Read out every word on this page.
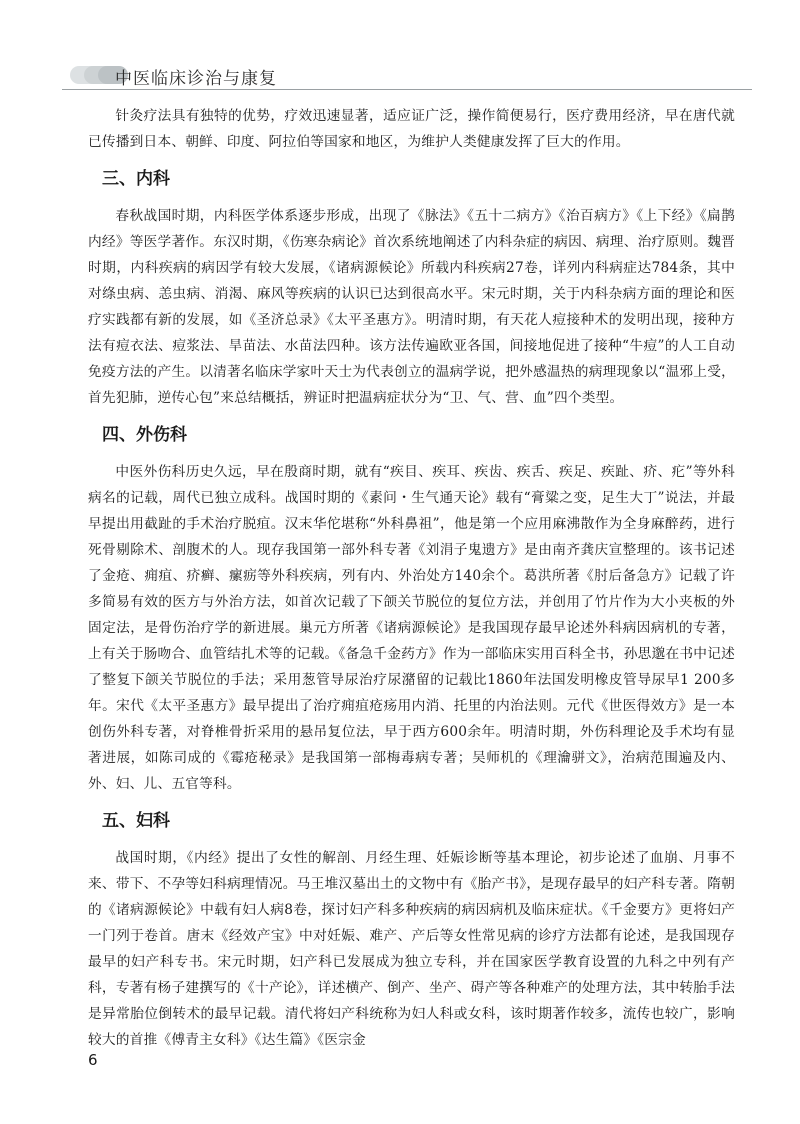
中医临床诊治与康复

针灸疗法具有独特的优势，疗效迅速显著，适应证广泛，操作简便易行，医疗费用经济，早在唐代就已传播到日本、朝鲜、印度、阿拉伯等国家和地区，为维护人类健康发挥了巨大的作用。

三、内科

春秋战国时期，内科医学体系逐步形成，出现了《脉法》《五十二病方》《治百病方》《上下经》《扁鹊内经》等医学著作。东汉时期，《伤寒杂病论》首次系统地阐述了内科杂症的病因、病理、治疗原则。魏晋时期，内科疾病的病因学有较大发展，《诸病源候论》所载内科疾病27卷，详列内科病症达784条，其中对绦虫病、恙虫病、消渴、麻风等疾病的认识已达到很高水平。宋元时期，关于内科杂病方面的理论和医疗实践都有新的发展，如《圣济总录》《太平圣惠方》。明清时期，有天花人痘接种术的发明出现，接种方法有痘衣法、痘浆法、旱苗法、水苗法四种。该方法传遍欧亚各国，间接地促进了接种“牛痘”的人工自动免疫方法的产生。以清著名临床学家叶天士为代表创立的温病学说，把外感温热的病理现象以“温邪上受，首先犯肺，逆传心包”来总结概括，辨证时把温病症状分为“卫、气、营、血”四个类型。

四、外伤科

中医外伤科历史久远，早在殷商时期，就有“疾目、疾耳、疾齿、疾舌、疾足、疾趾、疥、疕”等外科病名的记载，周代已独立成科。战国时期的《素问・生气通天论》载有“膏粱之变，足生大丁”说法，并最早提出用截趾的手术治疗脱疽。汉末华佗堪称“外科鼻祖”，他是第一个应用麻沸散作为全身麻醉药，进行死骨剔除术、剖腹术的人。现存我国第一部外科专著《刘涓子鬼遗方》是由南齐龚庆宣整理的。该书记述了金疮、痈疽、疥癣、瘰疬等外科疾病，列有内、外治处方140余个。葛洪所著《肘后备急方》记载了许多简易有效的医方与外治方法，如首次记载了下颌关节脱位的复位方法，并创用了竹片作为大小夹板的外固定法，是骨伤治疗学的新进展。巢元方所著《诸病源候论》是我国现存最早论述外科病因病机的专著，上有关于肠吻合、血管结扎术等的记载。《备急千金药方》作为一部临床实用百科全书，孙思邈在书中记述了整复下颌关节脱位的手法；采用葱管导尿治疗尿潴留的记载比1860年法国发明橡皮管导尿早1 200多年。宋代《太平圣惠方》最早提出了治疗痈疽疮疡用内消、托里的内治法则。元代《世医得效方》是一本创伤外科专著，对脊椎骨折采用的悬吊复位法，早于西方600余年。明清时期，外伤科理论及手术均有显著进展，如陈司成的《霉疮秘录》是我国第一部梅毒病专著；吴师机的《理瀹骈文》，治病范围遍及内、外、妇、儿、五官等科。

五、妇科

战国时期，《内经》提出了女性的解剖、月经生理、妊娠诊断等基本理论，初步论述了血崩、月事不来、带下、不孕等妇科病理情况。马王堆汉墓出土的文物中有《胎产书》，是现存最早的妇产科专著。隋朝的《诸病源候论》中载有妇人病8卷，探讨妇产科多种疾病的病因病机及临床症状。《千金要方》更将妇产一门列于卷首。唐末《经效产宝》中对妊娠、难产、产后等女性常见病的诊疗方法都有论述，是我国现存最早的妇产科专书。宋元时期，妇产科已发展成为独立专科，并在国家医学教育设置的九科之中列有产科，专著有杨子建撰写的《十产论》，详述横产、倒产、坐产、碍产等各种难产的处理方法，其中转胎手法是异常胎位倒转术的最早记载。清代将妇产科统称为妇人科或女科，该时期著作较多，流传也较广，影响较大的首推《傅青主女科》《达生篇》《医宗金

6
